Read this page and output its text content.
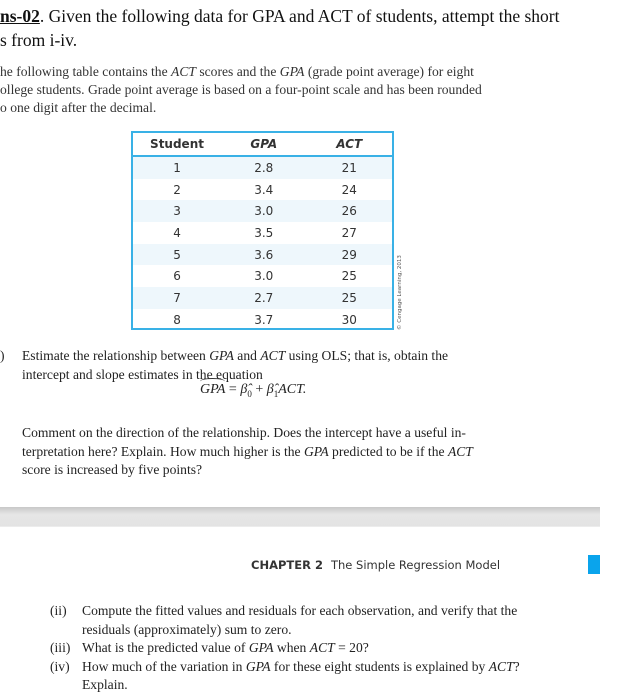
ns-02. Given the following data for GPA and ACT of students, attempt the short
s from i-iv.
he following table contains the ACT scores and the GPA (grade point average) for eight
ollege students. Grade point average is based on a four-point scale and has been rounded
o one digit after the decimal.
Student	GPA	ACT
1	2.8	21
2	3.4	24
3	3.0	26
4	3.5	27
5	3.6	29
6	3.0	25
7	2.7	25
8	3.7	30	© Cengage Learning, 2013
) Estimate the relationship between GPA and ACT using OLS; that is, obtain the
intercept and slope estimates in the equation
GPA = $\betâ_0$ + $\betâ_1ACT$.
Comment on the direction of the relationship. Does the intercept have a useful in-
terpretation here? Explain. How much higher is the GPA predicted to be if the ACT
score is increased by five points?
CHAPTER 2 The Simple Regression Model
(ii) Compute the fitted values and residuals for each observation, and verify that the
residuals (approximately) sum to zero.
(iii) What is the predicted value of GPA when ACT = 20?
(iv) How much of the variation in GPA for these eight students is explained by ACT?
Explain.
